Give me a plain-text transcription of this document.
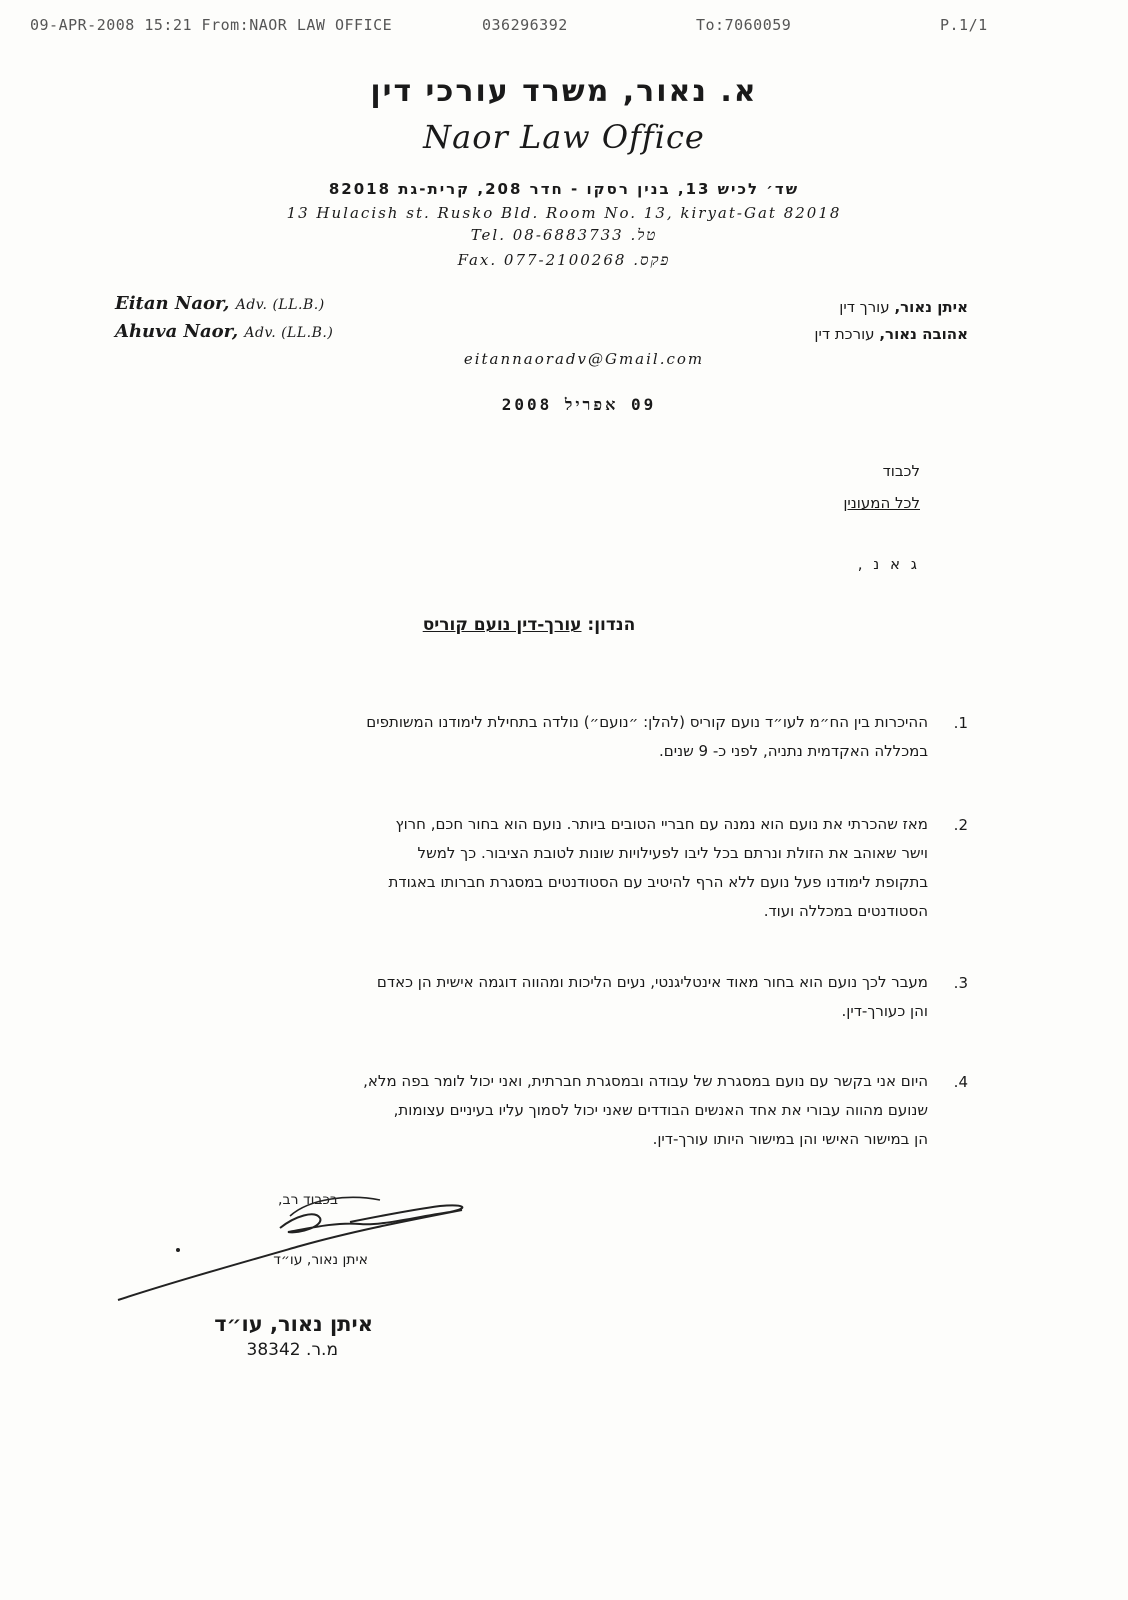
09-APR-2008 15:21 From:NAOR LAW OFFICE	036296392	To:7060059	P.1/1
א. נאור, משרד עורכי דין
Naor Law Office
שד׳ לכיש 13, בנין רסקו - חדר 208, קרית-גת 82018
13 Hulacish st. Rusko Bld. Room No. 13, kiryat-Gat 82018
Tel. 08-6883733 .טל
Fax. 077-2100268 .פקס
Eitan Naor, Adv. (LL.B.)
Ahuva Naor, Adv. (LL.B.)
איתן נאור, עורך דין
אהובה נאור, עורכת דין
eitannaoradv@Gmail.com
09 אפריל 2008
לכבוד
לכל המעונין
ג א נ ,
הנדון: עורך-דין נועם קוריס
1.
ההיכרות בין הח״מ לעו״ד נועם קוריס (להלן: ״נועם״) נולדה בתחילת לימודנו המשותפים
במכללה האקדמית נתניה, לפני כ- 9 שנים.
2.
מאז שהכרתי את נועם הוא נמנה עם חבריי הטובים ביותר. נועם הוא בחור חכם, חרוץ
וישר שאוהב את הזולת ונרתם בכל ליבו לפעילויות שונות לטובת הציבור. כך למשל
בתקופת לימודנו פעל נועם ללא הרף להיטיב עם הסטודנטים במסגרת חברותו באגודת
הסטודנטים במכללה ועוד.
3.
מעבר לכך נועם הוא בחור מאוד אינטליגנטי, נעים הליכות ומהווה דוגמה אישית הן כאדם
והן כעורך-דין.
4.
היום אני בקשר עם נועם במסגרת של עבודה ובמסגרת חברתית, ואני יכול לומר בפה מלא,
שנועם מהווה עבורי את אחד האנשים הבודדים שאני יכול לסמוך עליו בעיניים עצומות,
הן במישור האישי והן במישור היותו עורך-דין.
בכבוד רב,
איתן נאור, עו״ד
איתן נאור, עו״ד
מ.ר. 38342
